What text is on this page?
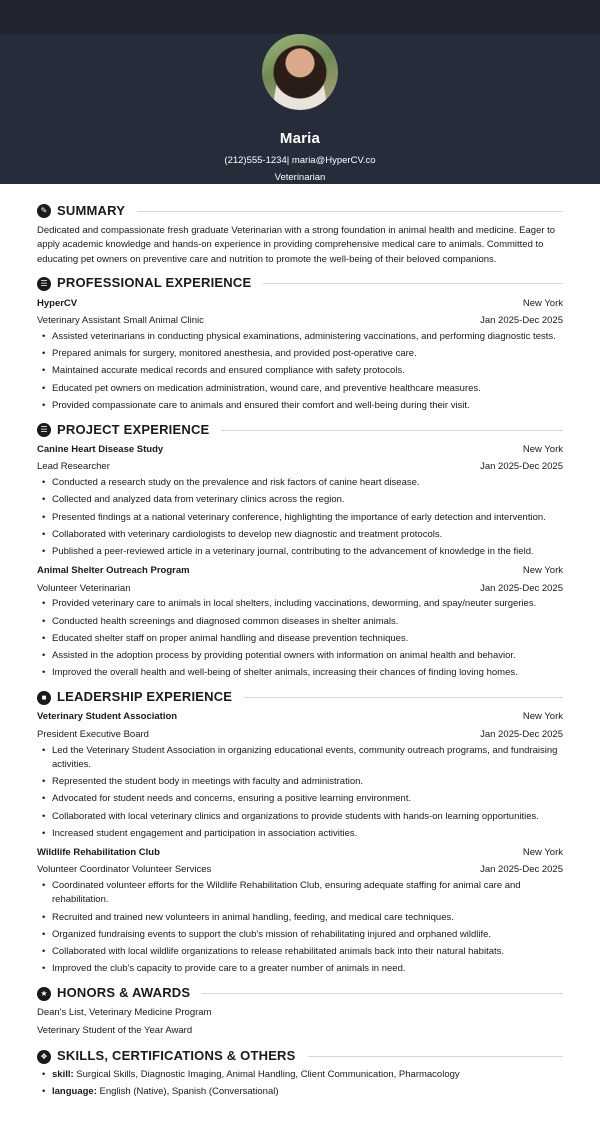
Maria
(212)555-1234| maria@HyperCV.co
Veterinarian
✎ SUMMARY
Dedicated and compassionate fresh graduate Veterinarian with a strong foundation in animal health and medicine. Eager to apply academic knowledge and hands-on experience in providing comprehensive medical care to animals. Committed to educating pet owners on preventive care and nutrition to promote the well-being of their beloved companions.
☰ PROFESSIONAL EXPERIENCE
HyperCV	New York
Veterinary Assistant Small Animal Clinic	Jan 2025-Dec 2025
• Assisted veterinarians in conducting physical examinations, administering vaccinations, and performing diagnostic tests.
• Prepared animals for surgery, monitored anesthesia, and provided post-operative care.
• Maintained accurate medical records and ensured compliance with safety protocols.
• Educated pet owners on medication administration, wound care, and preventive healthcare measures.
• Provided compassionate care to animals and ensured their comfort and well-being during their visit.
☰ PROJECT EXPERIENCE
Canine Heart Disease Study	New York
Lead Researcher	Jan 2025-Dec 2025
• Conducted a research study on the prevalence and risk factors of canine heart disease.
• Collected and analyzed data from veterinary clinics across the region.
• Presented findings at a national veterinary conference, highlighting the importance of early detection and intervention.
• Collaborated with veterinary cardiologists to develop new diagnostic and treatment protocols.
• Published a peer-reviewed article in a veterinary journal, contributing to the advancement of knowledge in the field.
Animal Shelter Outreach Program	New York
Volunteer Veterinarian	Jan 2025-Dec 2025
• Provided veterinary care to animals in local shelters, including vaccinations, deworming, and spay/neuter surgeries.
• Conducted health screenings and diagnosed common diseases in shelter animals.
• Educated shelter staff on proper animal handling and disease prevention techniques.
• Assisted in the adoption process by providing potential owners with information on animal health and behavior.
• Improved the overall health and well-being of shelter animals, increasing their chances of finding loving homes.
■ LEADERSHIP EXPERIENCE
Veterinary Student Association	New York
President Executive Board	Jan 2025-Dec 2025
• Led the Veterinary Student Association in organizing educational events, community outreach programs, and fundraising activities.
• Represented the student body in meetings with faculty and administration.
• Advocated for student needs and concerns, ensuring a positive learning environment.
• Collaborated with local veterinary clinics and organizations to provide students with hands-on learning opportunities.
• Increased student engagement and participation in association activities.
Wildlife Rehabilitation Club	New York
Volunteer Coordinator Volunteer Services	Jan 2025-Dec 2025
• Coordinated volunteer efforts for the Wildlife Rehabilitation Club, ensuring adequate staffing for animal care and rehabilitation.
• Recruited and trained new volunteers in animal handling, feeding, and medical care techniques.
• Organized fundraising events to support the club's mission of rehabilitating injured and orphaned wildlife.
• Collaborated with local wildlife organizations to release rehabilitated animals back into their natural habitats.
• Improved the club's capacity to provide care to a greater number of animals in need.
★ HONORS & AWARDS
Dean's List, Veterinary Medicine Program
Veterinary Student of the Year Award
❖ SKILLS, CERTIFICATIONS & OTHERS
• skill: Surgical Skills, Diagnostic Imaging, Animal Handling, Client Communication, Pharmacology
• language: English (Native), Spanish (Conversational)
